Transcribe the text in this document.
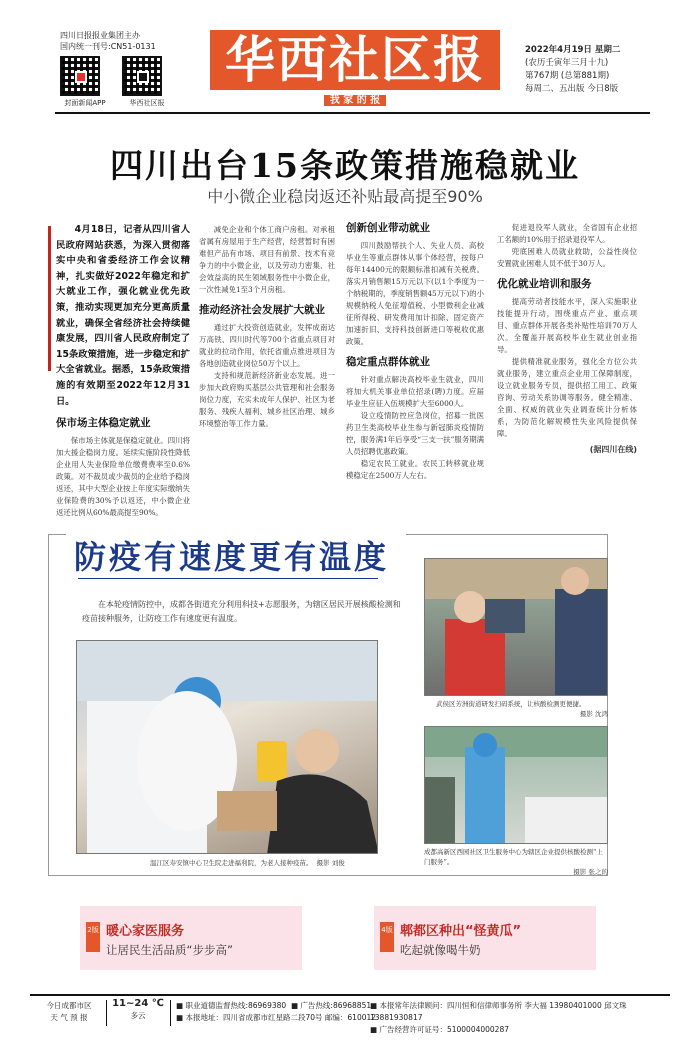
四川日报报业集团主办
国内统一刊号:CN51-0131
封面新闻APP	华西社区报
华西社区报
我 家 的 报
2022年4月19日 星期二
(农历壬寅年三月十九)
第767期 (总第881期)
每周二、五出版 今日8版
四川出台15条政策措施稳就业
中小微企业稳岗返还补贴最高提至90%
4月18日，记者从四川省人民政府网站获悉，为深入贯彻落实中央和省委经济工作会议精神，扎实做好2022年稳定和扩大就业工作，强化就业优先政策，推动实现更加充分更高质量就业，确保全省经济社会持续健康发展，四川省人民政府制定了15条政策措施，进一步稳定和扩大全省就业。据悉，15条政策措施的有效期至2022年12月31日。
保市场主体稳定就业

保市场主体就是保稳定就业。四川将加大援企稳岗力度。延续实施阶段性降低企业用人失业保险单位缴费费率至0.6%政策。对不裁员或少裁员的企业给予稳岗返还，其中大型企业按上年度实际缴纳失业保险费的30%予以返还，中小微企业返还比例从60%最高提至90%。

减免企业和个体工商户房租。对承租省属有房屋用于生产经营，经营暂时有困难但产品有市场、项目有前景、技术有竞争力的中小微企业，以及劳动力密集、社会效益高的民生领域服务性中小微企业，一次性减免1至3个月房租。

推动经济社会发展扩大就业

通过扩大投资创造就业，发挥成南达万高铁、四川时代等700个省重点项目对就业的拉动作用，依托省重点推进项目为各地创造就业岗位50万个以上。

支持和规范新经济新业态发展。进一步加大政府购买基层公共管理和社会服务岗位力度，充实未成年人保护、社区为老服务、残疾人福利、城乡社区治理、城乡环境整治等工作力量。

创新创业带动就业

四川鼓励帮扶个人、失业人员、高校毕业生等重点群体从事个体经营，按每户每年14400元的限额标准扣减有关税费。落实月销售额15万元以下(以1个季度为一个纳税期的，季度销售额45万元以下)的小规模纳税人免征增值税、小型微利企业减征所得税、研发费用加计扣除、固定资产加速折旧、支持科技创新进口等税收优惠政策。

稳定重点群体就业

针对重点解决高校毕业生就业，四川将加大机关事业单位招录(聘)力度。应届毕业生应征入伍规模扩大至6000人。

设立疫情防控应急岗位，招募一批医药卫生类高校毕业生参与新冠肺炎疫情防控，服务满1年后享受“三支一扶”服务期满人员招聘优惠政策。

稳定农民工就业。农民工转移就业规模稳定在2500万人左右。

促进退役军人就业，全省国有企业招工名额的10%用于招录退役军人。

兜底困难人员就业救助，公益性岗位安置就业困难人员不低于30万人。

优化就业培训和服务

提高劳动者技能水平，深入实施职业技能提升行动，围绕重点产业、重点项目、重点群体开展各类补贴性培训70万人次。全覆盖开展高校毕业生就业创业指导。

提供精准就业服务，强化全方位公共就业服务，建立重点企业用工保障制度，设立就业服务专员，提供招工用工、政策咨询、劳动关系协调等服务。健全精准、全面、权威的就业失业调查统计分析体系，为防范化解规模性失业风险提供保障。

(据四川在线)
防疫有速度更有温度
在本轮疫情防控中，成都各街道充分利用科技+志愿服务，为辖区居民开展核酸检测和疫苗接种服务，让防疫工作有速度更有温度。
温江区寿安镇中心卫生院走进福利院，为老人接种疫苗。 摄影 刘俊
武侯区芳洲街道研发扫码系统，让核酸检测更便捷。
摄影 沈鸿
成都高新区西园社区卫生服务中心为辖区企业提供核酸检测“上门服务”。
摄影 张之的
2版 暖心家医服务
让居民生活品质“步步高”
4版 郫都区种出“怪黄瓜”
吃起就像喝牛奶
今日成都市区
天 气 预 报
11~24 ℃
多云
■ 职业道德监督热线:86969380 ■ 广告热线:86968851
■ 本报地址：四川省成都市红星路二段70号 邮编：610012
■ 本报常年法律顾问：四川恒和信律师事务所 李大福 13980401000 邱文珠 13881930817
■ 广告经营许可证号：5100004000287
